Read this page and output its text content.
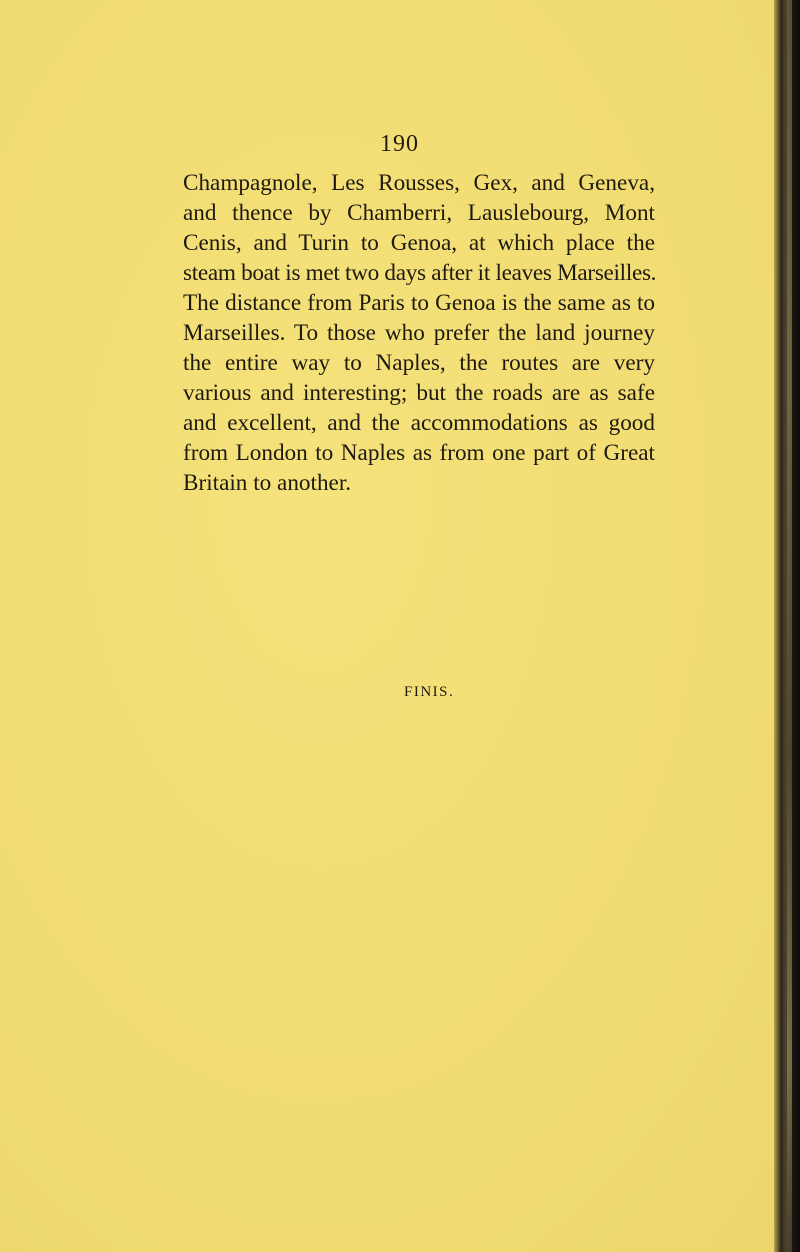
190
Champagnole, Les Rousses, Gex, and Geneva,
and thence by Chamberri, Lauslebourg, Mont
Cenis, and Turin to Genoa, at which place the
steam boat is met two days after it leaves Marseilles.
The distance from Paris to Genoa is the same as to
Marseilles. To those who prefer the land journey
the entire way to Naples, the routes are very
various and interesting; but the roads are as safe
and excellent, and the accommodations as good
from London to Naples as from one part of Great
Britain to another.
FINIS.
